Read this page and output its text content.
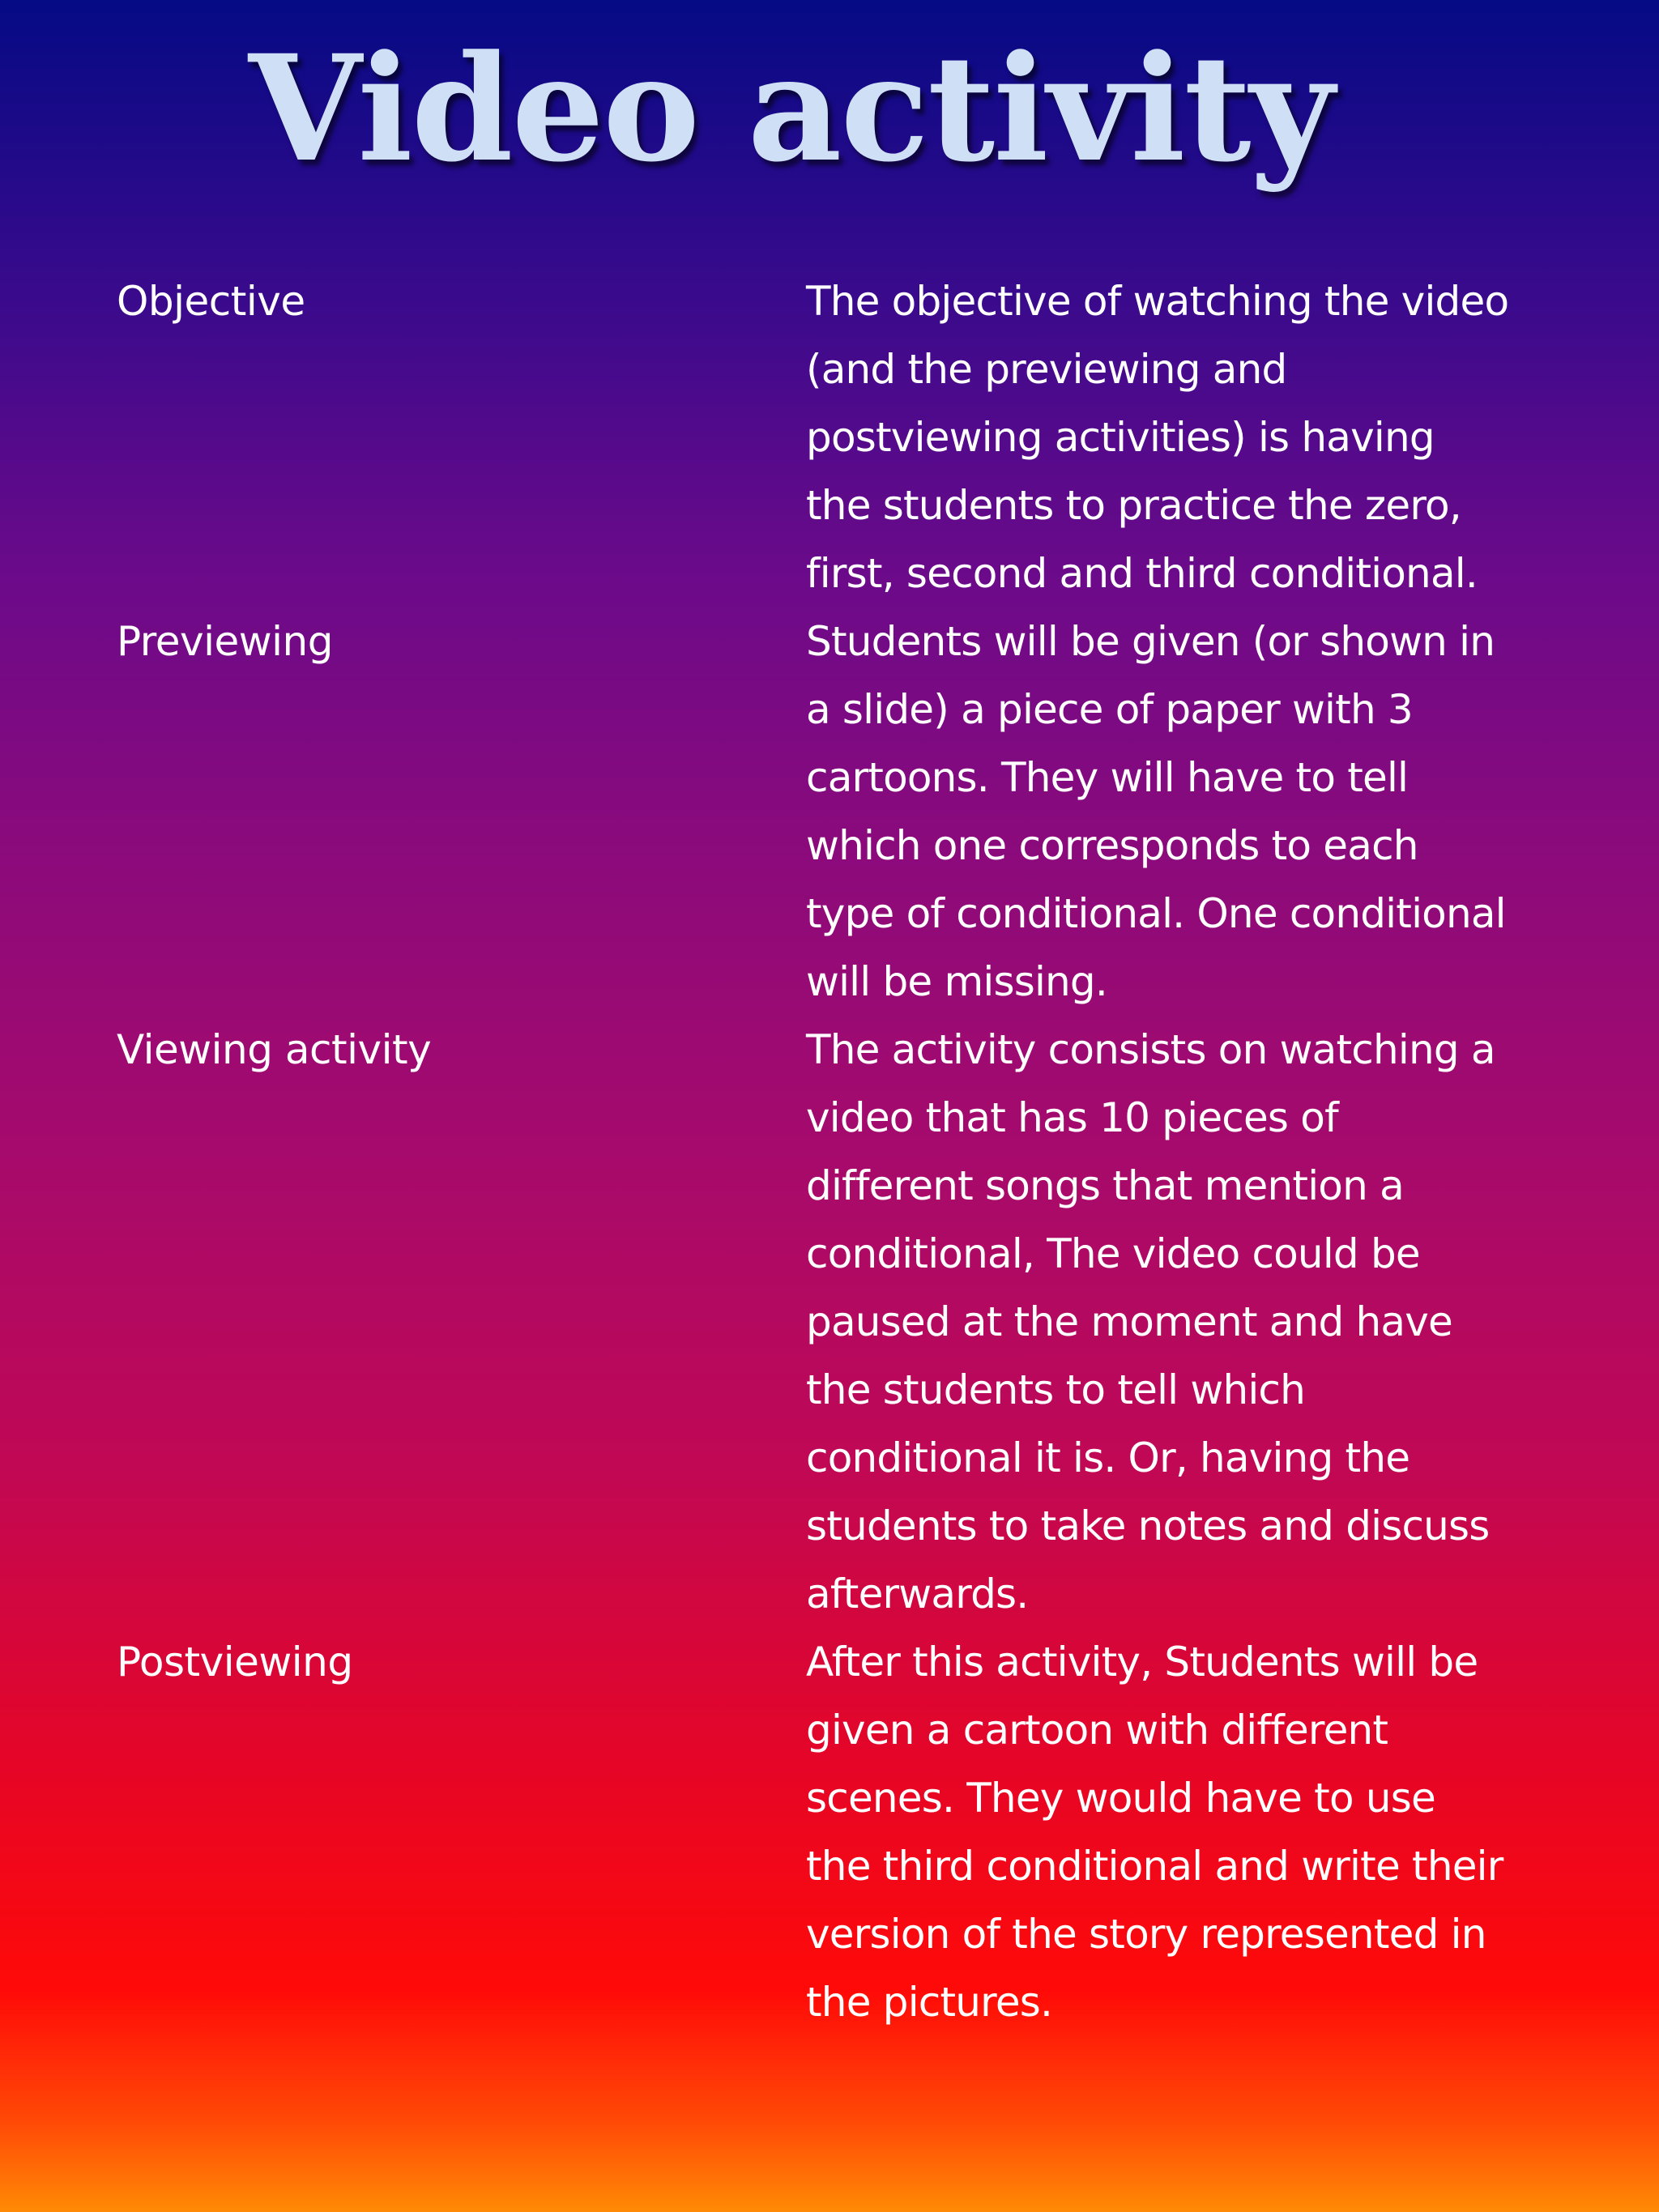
Video activity
Objective	The objective of watching the video (and the previewing and postviewing activities) is having the students to practice the zero, first, second and third conditional.
Previewing	Students will be given (or shown in a slide) a piece of paper with 3 cartoons. They will have to tell which one corresponds to each type of conditional. One conditional will be missing.
Viewing activity	The activity consists on watching a video that has 10 pieces of different songs that mention a conditional, The video could be paused at the moment and have the students to tell which conditional it is. Or, having the students to take notes and discuss afterwards.
Postviewing	After this activity, Students will be given a cartoon with different scenes. They would have to use the third conditional and write their version of the story represented in the pictures.
